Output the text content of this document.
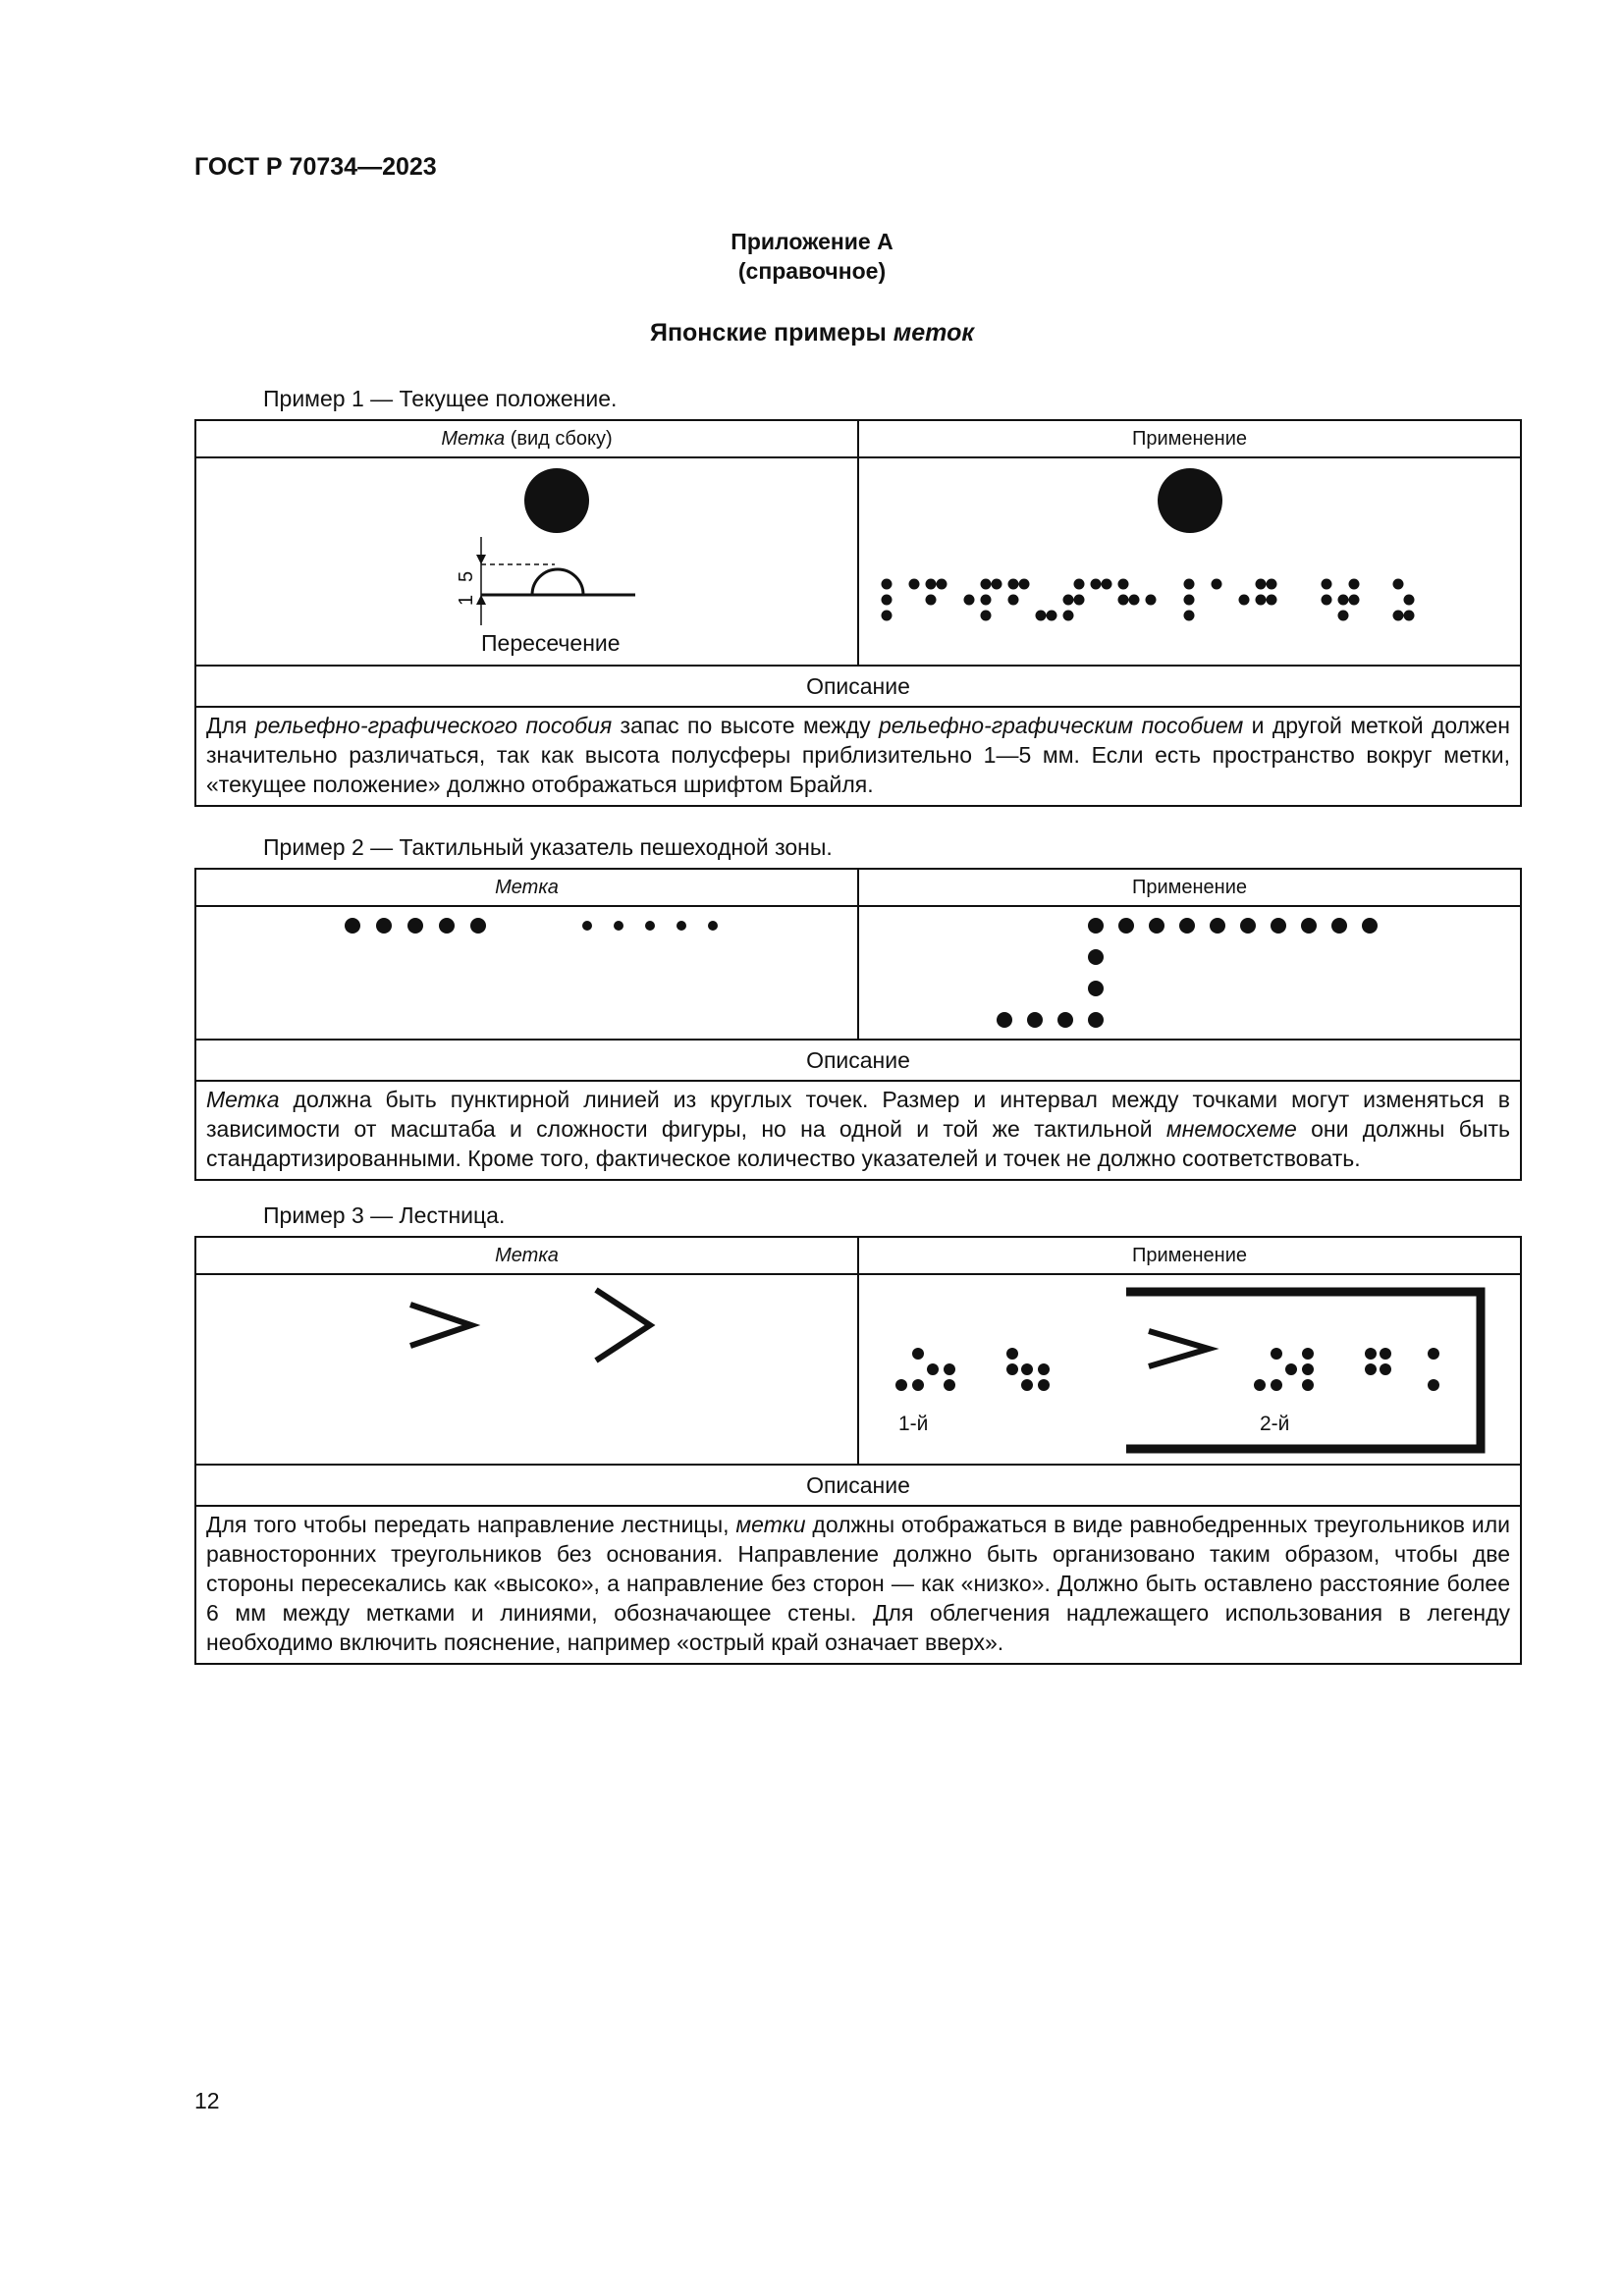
ГОСТ Р 70734—2023
Приложение А
(справочное)
Японские примеры меток
Пример 1 — Текущее положение.
Метка (вид сбоку)	Применение

5
1
Пересечение

Описание	
Для рельефно-графического пособия запас по высоте между рельефно-графическим пособием и другой меткой должен значительно различаться, так как высота полусферы приблизительно 1—5 мм. Если есть пространство вокруг метки, «текущее положение» должно отображаться шрифтом Брайля.	
Пример 2 — Тактильный указатель пешеходной зоны.
Метка	Применение

Описание	
Метка должна быть пунктирной линией из круглых точек. Размер и интервал между точками могут изменяться в зависимости от масштаба и сложности фигуры, но на одной и той же тактильной мнемосхеме они должны быть стандартизированными. Кроме того, фактическое количество указателей и точек не должно соответствовать.	
Пример 3 — Лестница.
Метка	Применение

1-й 2-й

Описание	
Для того чтобы передать направление лестницы, метки должны отображаться в виде равнобедренных треугольников или равносторонних треугольников без основания. Направление должно быть организовано таким образом, чтобы две стороны пересекались как «высоко», а направление без сторон — как «низко». Должно быть оставлено расстояние более 6 мм между метками и линиями, обозначающее стены. Для облегчения надлежащего использования в легенду необходимо включить пояснение, например «острый край означает вверх».	
12
